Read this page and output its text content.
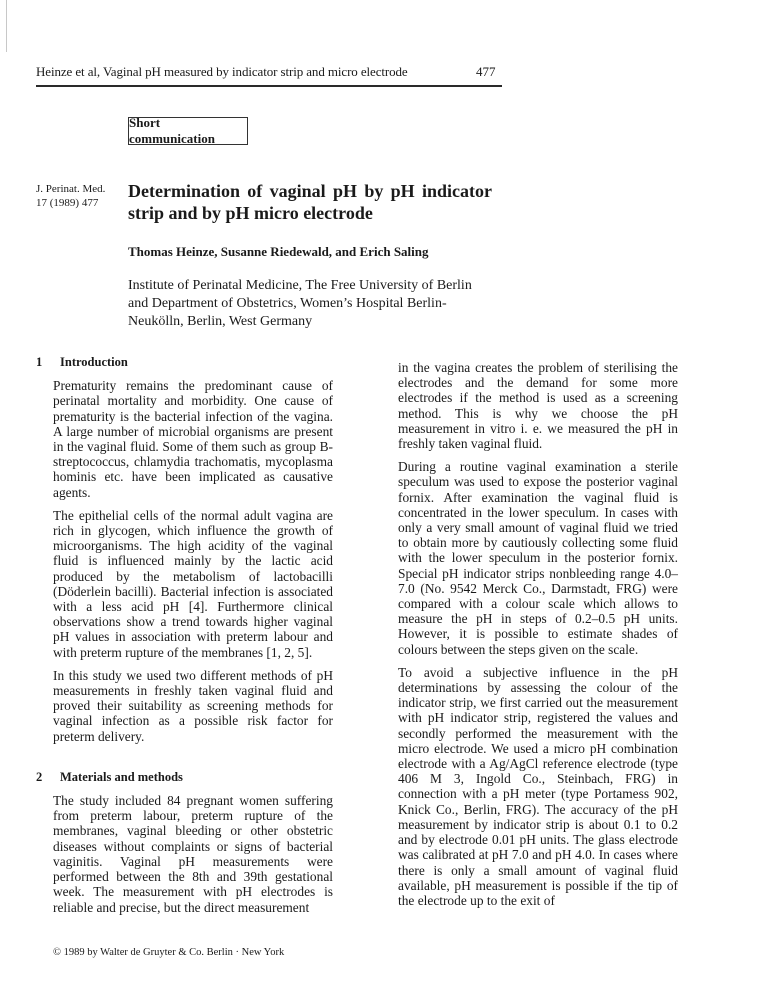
Heinze et al, Vaginal pH measured by indicator strip and micro electrode	477
Short communication
J. Perinat. Med.
17 (1989) 477
Determination of vaginal pH by pH indicator strip and by pH micro electrode
Thomas Heinze, Susanne Riedewald, and Erich Saling
Institute of Perinatal Medicine, The Free University of Berlin and Department of Obstetrics, Women’s Hospital Berlin-Neukölln, Berlin, West Germany
1 Introduction

Prematurity remains the predominant cause of perinatal mortality and morbidity. One cause of prematurity is the bacterial infection of the vagina. A large number of microbial organisms are present in the vaginal fluid. Some of them such as group B-streptococcus, chlamydia trachomatis, mycoplasma hominis etc. have been implicated as causative agents.

The epithelial cells of the normal adult vagina are rich in glycogen, which influence the growth of microorganisms. The high acidity of the vaginal fluid is influenced mainly by the lactic acid produced by the metabolism of lactobacilli (Döderlein bacilli). Bacterial infection is associated with a less acid pH [4]. Furthermore clinical observations show a trend towards higher vaginal pH values in association with preterm labour and with preterm rupture of the membranes [1, 2, 5].

In this study we used two different methods of pH measurements in freshly taken vaginal fluid and proved their suitability as screening methods for vaginal infection as a possible risk factor for preterm delivery.

2 Materials and methods

The study included 84 pregnant women suffering from preterm labour, preterm rupture of the membranes, vaginal bleeding or other obstetric diseases without complaints or signs of bacterial vaginitis. Vaginal pH measurements were performed between the 8th and 39th gestational week. The measurement with pH electrodes is reliable and precise, but the direct measurement

in the vagina creates the problem of sterilising the electrodes and the demand for some more electrodes if the method is used as a screening method. This is why we choose the pH measurement in vitro i. e. we measured the pH in freshly taken vaginal fluid.

During a routine vaginal examination a sterile speculum was used to expose the posterior vaginal fornix. After examination the vaginal fluid is concentrated in the lower speculum. In cases with only a very small amount of vaginal fluid we tried to obtain more by cautiously collecting some fluid with the lower speculum in the posterior fornix. Special pH indicator strips nonbleeding range 4.0–7.0 (No. 9542 Merck Co., Darmstadt, FRG) were compared with a colour scale which allows to measure the pH in steps of 0.2–0.5 pH units. However, it is possible to estimate shades of colours between the steps given on the scale.

To avoid a subjective influence in the pH determinations by assessing the colour of the indicator strip, we first carried out the measurement with pH indicator strip, registered the values and secondly performed the measurement with the micro electrode. We used a micro pH combination electrode with a Ag/AgCl reference electrode (type 406 M 3, Ingold Co., Steinbach, FRG) in connection with a pH meter (type Portamess 902, Knick Co., Berlin, FRG). The accuracy of the pH measurement by indicator strip is about 0.1 to 0.2 and by electrode 0.01 pH units. The glass electrode was calibrated at pH 7.0 and pH 4.0. In cases where there is only a small amount of vaginal fluid available, pH measurement is possible if the tip of the electrode up to the exit of

© 1989 by Walter de Gruyter & Co. Berlin · New York
